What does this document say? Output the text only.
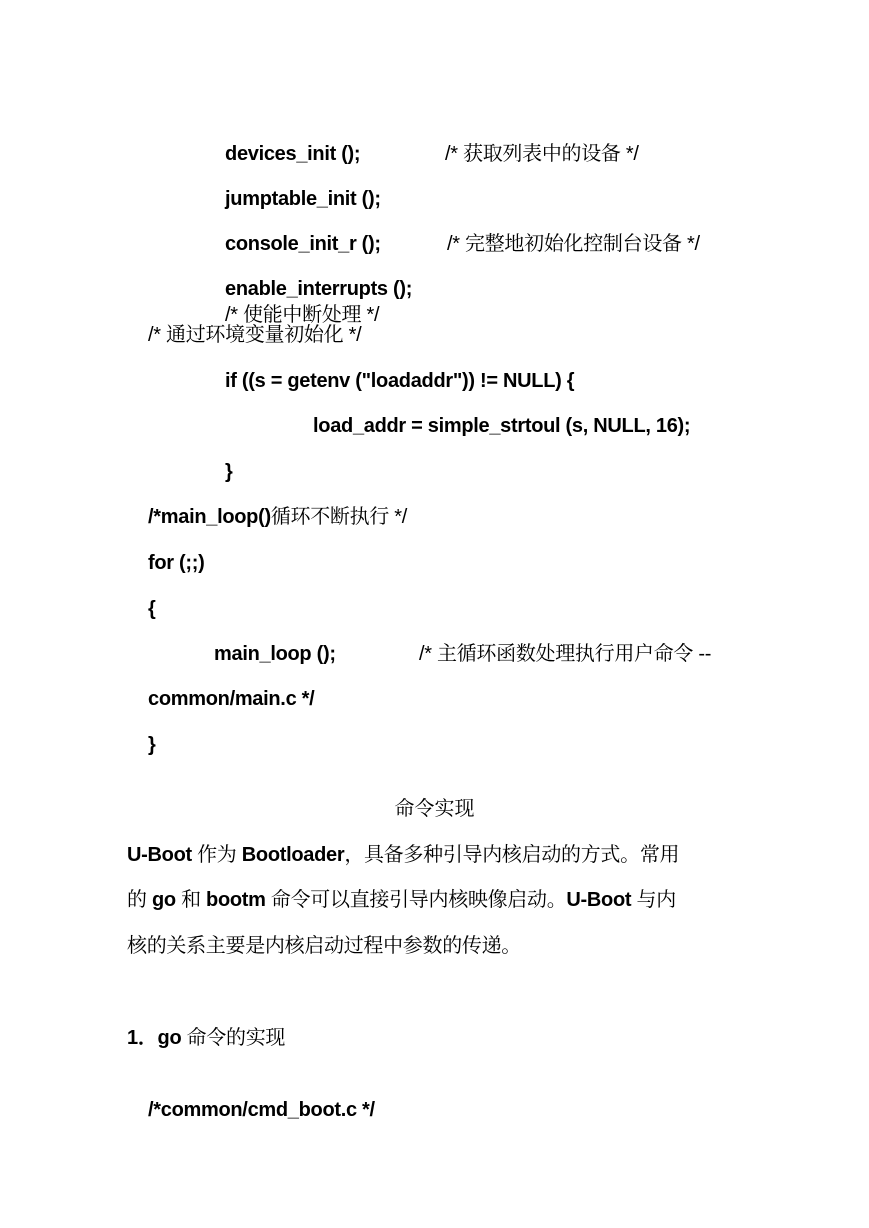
devices_init ();
	/* 获取列表中的设备 */

jumptable_init ();

console_init_r ();
	/* 完整地初始化控制台设备 */

enable_interrupts ();
/* 使能中断处理 */

/* 通过环境变量初始化 */

if ((s = getenv ("loadaddr")) != NULL) {

load_addr = simple_strtoul (s, NULL, 16);

}

/*main_loop()循环不断执行 */

for (;;)

{

main_loop ();
	/* 主循环函数处理执行用户命令 --

common/main.c */

}

命令实现
U-Boot 作为 Bootloader，具备多种引导内核启动的方式。常用
的 go 和 bootm 命令可以直接引导内核映像启动。U-Boot 与内
核的关系主要是内核启动过程中参数的传递。
1．go 命令的实现

/*common/cmd_boot.c */
